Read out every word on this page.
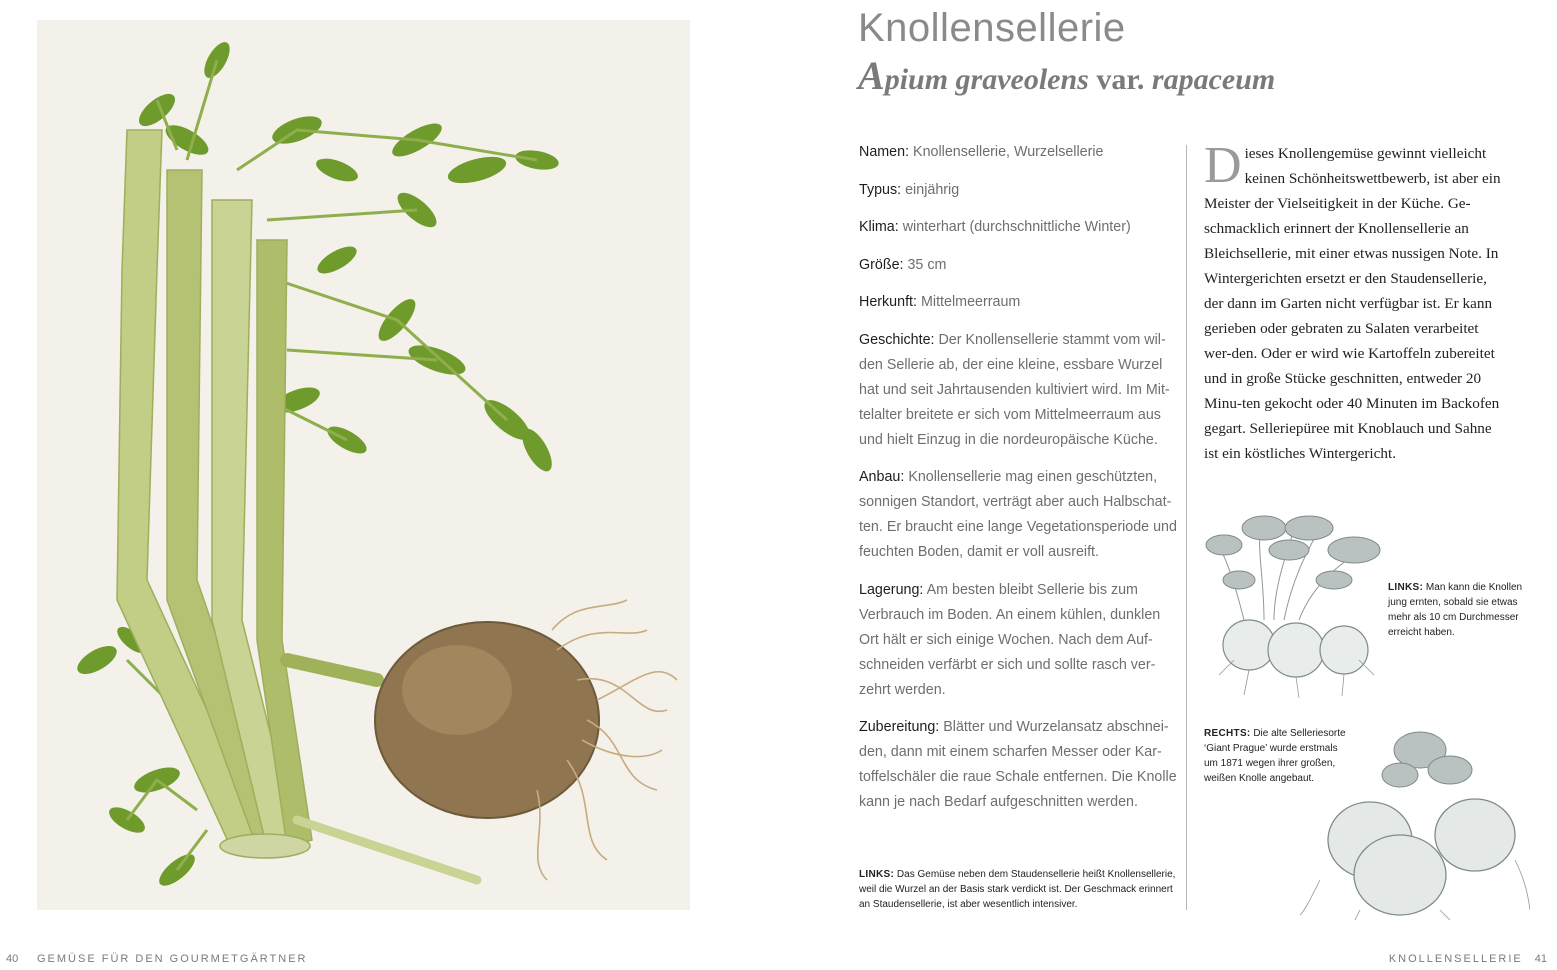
Knollensellerie
Apium graveolens var. rapaceum

Namen: Knollensellerie, Wurzelsellerie

Typus: einjährig

Klima: winterhart (durchschnittliche Winter)

Größe: 35 cm

Herkunft: Mittelmeerraum

Geschichte: Der Knollensellerie stammt vom wil-den Sellerie ab, der eine kleine, essbare Wurzel hat und seit Jahrtausenden kultiviert wird. Im Mit-telalter breitete er sich vom Mittelmeerraum aus und hielt Einzug in die nordeuropäische Küche.

Anbau: Knollensellerie mag einen geschützten, sonnigen Standort, verträgt aber auch Halbschat-ten. Er braucht eine lange Vegetationsperiode und feuchten Boden, damit er voll ausreift.

Lagerung: Am besten bleibt Sellerie bis zum Verbrauch im Boden. An einem kühlen, dunklen Ort hält er sich einige Wochen. Nach dem Auf-schneiden verfärbt er sich und sollte rasch ver-zehrt werden.

Zubereitung: Blätter und Wurzelansatz abschnei-den, dann mit einem scharfen Messer oder Kar-toffelschäler die raue Schale entfernen. Die Knolle kann je nach Bedarf aufgeschnitten werden.

LINKS: Das Gemüse neben dem Staudensellerie heißt Knollensellerie, weil die Wurzel an der Basis stark verdickt ist. Der Geschmack erinnert an Staudensellerie, ist aber wesentlich intensiver.

Dieses Knollengemüse gewinnt vielleicht keinen Schönheitswettbewerb, ist aber ein Meister der Vielseitigkeit in der Küche. Ge-schmacklich erinnert der Knollensellerie an Bleichsellerie, mit einer etwas nussigen Note. In Wintergerichten ersetzt er den Staudensellerie, der dann im Garten nicht verfügbar ist. Er kann gerieben oder gebraten zu Salaten verarbeitet wer-den. Oder er wird wie Kartoffeln zubereitet und in große Stücke geschnitten, entweder 20 Minu-ten gekocht oder 40 Minuten im Backofen gegart. Selleriepüree mit Knoblauch und Sahne ist ein köstliches Wintergericht.

LINKS: Man kann die Knollen jung ernten, sobald sie etwas mehr als 10 cm Durchmesser erreicht haben.

RECHTS: Die alte Selleriesorte ‘Giant Prague’ wurde erstmals um 1871 wegen ihrer großen, weißen Knolle angebaut.

40 GEMÜSE FÜR DEN GOURMETGÄRTNER	KNOLLENSELLERIE 41
